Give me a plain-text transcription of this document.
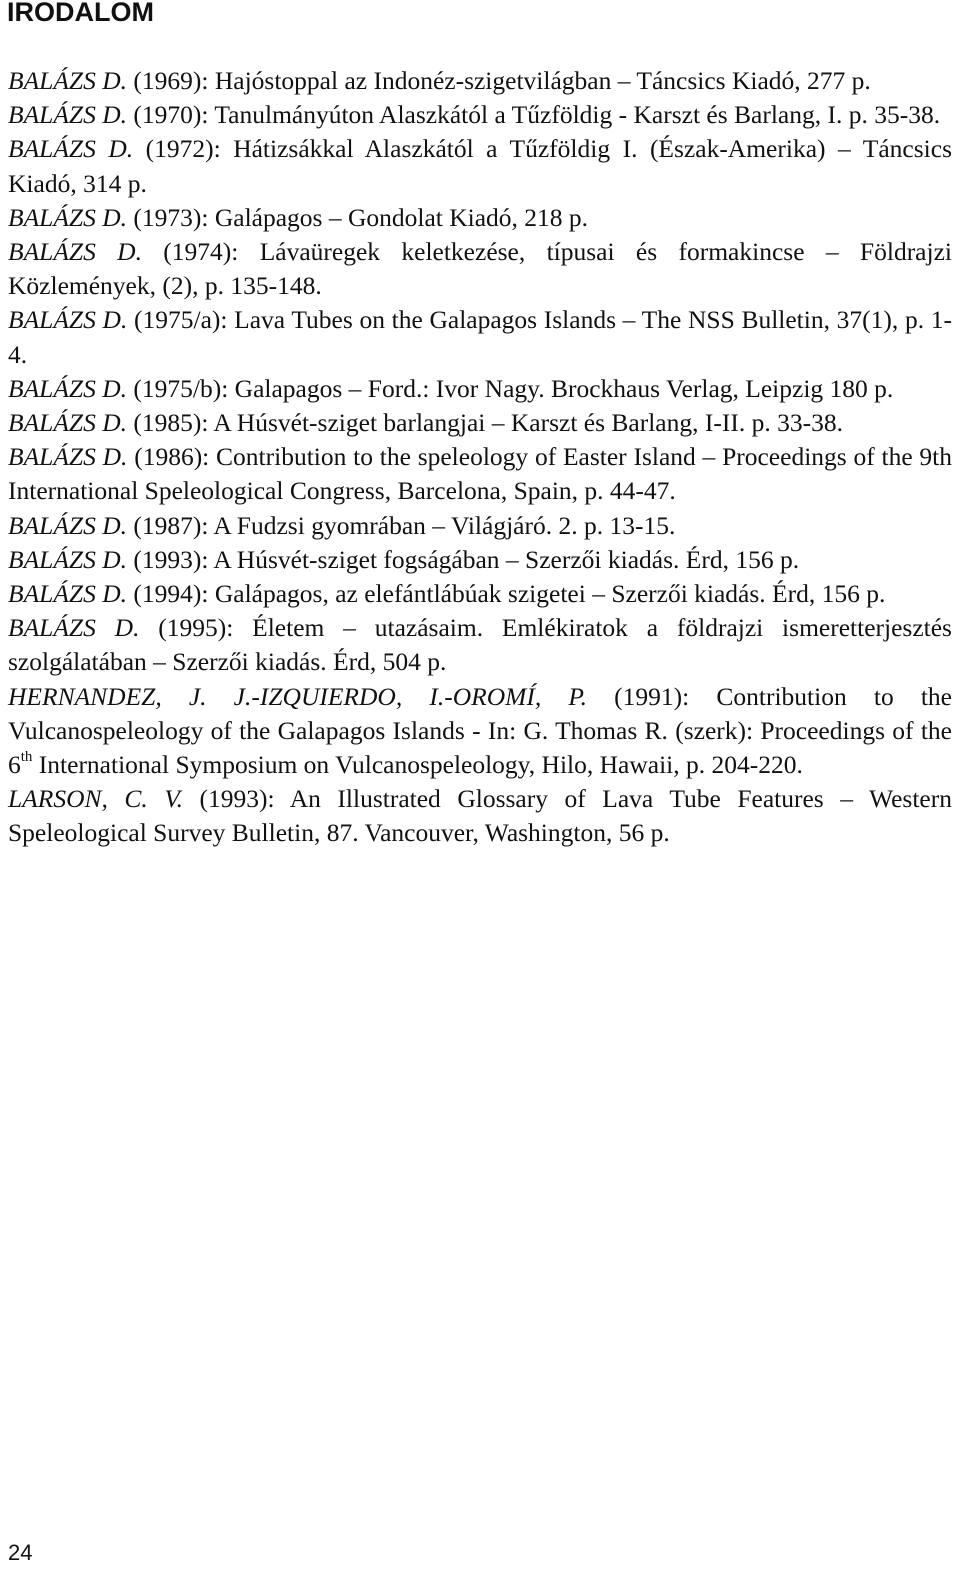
IRODALOM
BALÁZS D. (1969): Hajóstoppal az Indonéz-szigetvilágban – Táncsics Kiadó, 277 p.
BALÁZS D. (1970): Tanulmányúton Alaszkától a Tűzföldig - Karszt és Barlang, I. p. 35-38.
BALÁZS D. (1972): Hátizsákkal Alaszkától a Tűzföldig I. (Észak-Amerika) – Táncsics Kiadó, 314 p.
BALÁZS D. (1973): Galápagos – Gondolat Kiadó, 218 p.
BALÁZS D. (1974): Lávaüregek keletkezése, típusai és formakincse – Földrajzi Közlemények, (2), p. 135-148.
BALÁZS D. (1975/a): Lava Tubes on the Galapagos Islands – The NSS Bulletin, 37(1), p. 1-4.
BALÁZS D. (1975/b): Galapagos – Ford.: Ivor Nagy. Brockhaus Verlag, Leipzig 180 p.
BALÁZS D. (1985): A Húsvét-sziget barlangjai – Karszt és Barlang, I-II. p. 33-38.
BALÁZS D. (1986): Contribution to the speleology of Easter Island – Proceedings of the 9th International Speleological Congress, Barcelona, Spain, p. 44-47.
BALÁZS D. (1987): A Fudzsi gyomrában – Világjáró. 2. p. 13-15.
BALÁZS D. (1993): A Húsvét-sziget fogságában – Szerzői kiadás. Érd, 156 p.
BALÁZS D. (1994): Galápagos, az elefántlábúak szigetei – Szerzői kiadás. Érd, 156 p.
BALÁZS D. (1995): Életem – utazásaim. Emlékiratok a földrajzi ismeretterjesztés szolgálatában – Szerzői kiadás. Érd, 504 p.
HERNANDEZ, J. J.-IZQUIERDO, I.-OROMÍ, P. (1991): Contribution to the Vulcanospeleology of the Galapagos Islands - In: G. Thomas R. (szerk): Proceedings of the 6th International Symposium on Vulcanospeleology, Hilo, Hawaii, p. 204-220.
LARSON, C. V. (1993): An Illustrated Glossary of Lava Tube Features – Western Speleological Survey Bulletin, 87. Vancouver, Washington, 56 p.
24
